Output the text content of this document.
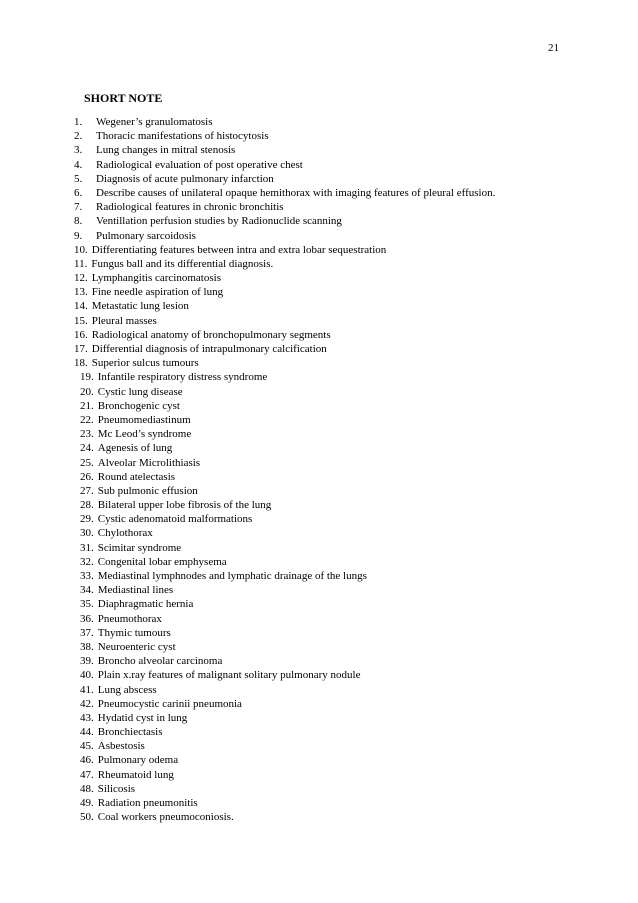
21
SHORT NOTE
1.	Wegener’s granulomatosis
2.	Thoracic manifestations of histocytosis
3.	Lung changes in mitral stenosis
4.	Radiological evaluation of post operative chest
5.	Diagnosis of acute pulmonary infarction
6.	Describe causes of unilateral opaque hemithorax with imaging features of pleural effusion.
7.	Radiological features in chronic bronchitis
8.	Ventillation perfusion studies by Radionuclide scanning
9.	Pulmonary sarcoidosis
10. Differentiating features between intra and extra lobar sequestration
11. Fungus ball and its differential diagnosis.
12. Lymphangitis carcinomatosis
13. Fine needle aspiration of lung
14. Metastatic lung lesion
15. Pleural masses
16. Radiological anatomy of bronchopulmonary segments
17. Differential diagnosis of intrapulmonary calcification
18. Superior sulcus tumours
19. Infantile respiratory distress syndrome
20. Cystic lung disease
21. Bronchogenic cyst
22. Pneumomediastinum
23. Mc Leod’s syndrome
24. Agenesis of lung
25. Alveolar Microlithiasis
26. Round atelectasis
27. Sub pulmonic effusion
28. Bilateral upper lobe fibrosis of the lung
29. Cystic adenomatoid malformations
30. Chylothorax
31. Scimitar syndrome
32. Congenital lobar emphysema
33. Mediastinal lymphnodes and lymphatic drainage of the lungs
34. Mediastinal lines
35. Diaphragmatic hernia
36. Pneumothorax
37. Thymic tumours
38. Neuroenteric cyst
39. Broncho alveolar carcinoma
40. Plain x.ray features of malignant solitary pulmonary nodule
41. Lung abscess
42. Pneumocystic carinii pneumonia
43. Hydatid cyst in lung
44. Bronchiectasis
45. Asbestosis
46. Pulmonary odema
47. Rheumatoid lung
48. Silicosis
49. Radiation pneumonitis
50. Coal workers pneumoconiosis.
